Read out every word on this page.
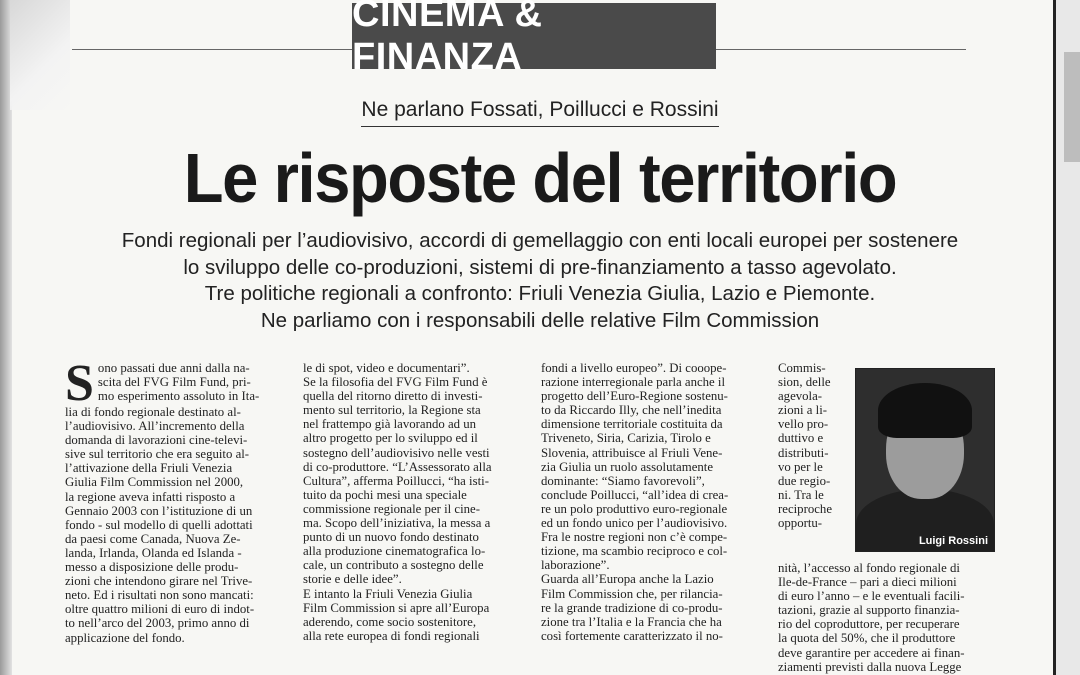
CINEMA & FINANZA
Ne parlano Fossati, Poillucci e Rossini
Le risposte del territorio
Fondi regionali per l’audiovisivo, accordi di gemellaggio con enti locali europei per sostenere
lo sviluppo delle co-produzioni, sistemi di pre-finanziamento a tasso agevolato.
Tre politiche regionali a confronto: Friuli Venezia Giulia, Lazio e Piemonte.
Ne parliamo con i responsabili delle relative Film Commission
S ono passati due anni dalla na-
scita del FVG Film Fund, pri-
mo esperimento assoluto in Ita-
lia di fondo regionale destinato al-
l’audiovisivo. All’incremento della
domanda di lavorazioni cine-televi-
sive sul territorio che era seguito al-
l’attivazione della Friuli Venezia
Giulia Film Commission nel 2000,
la regione aveva infatti risposto a
Gennaio 2003 con l’istituzione di un
fondo - sul modello di quelli adottati
da paesi come Canada, Nuova Ze-
landa, Irlanda, Olanda ed Islanda -
messo a disposizione delle produ-
zioni che intendono girare nel Trive-
neto. Ed i risultati non sono mancati:
oltre quattro milioni di euro di indot-
to nell’arco del 2003, primo anno di
applicazione del fondo.
le di spot, video e documentari”.
Se la filosofia del FVG Film Fund è
quella del ritorno diretto di investi-
mento sul territorio, la Regione sta
nel frattempo già lavorando ad un
altro progetto per lo sviluppo ed il
sostegno dell’audiovisivo nelle vesti
di co-produttore. “L’Assessorato alla
Cultura”, afferma Poillucci, “ha isti-
tuito da pochi mesi una speciale
commissione regionale per il cine-
ma. Scopo dell’iniziativa, la messa a
punto di un nuovo fondo destinato
alla produzione cinematografica lo-
cale, un contributo a sostegno delle
storie e delle idee”.
E intanto la Friuli Venezia Giulia
Film Commission si apre all’Europa
aderendo, come socio sostenitore,
alla rete europea di fondi regionali
fondi a livello europeo”. Di cooope-
razione interregionale parla anche il
progetto dell’Euro-Regione sostenu-
to da Riccardo Illy, che nell’inedita
dimensione territoriale costituita da
Triveneto, Siria, Carizia, Tirolo e
Slovenia, attribuisce al Friuli Vene-
zia Giulia un ruolo assolutamente
dominante: “Siamo favorevoli”,
conclude Poillucci, “all’idea di crea-
re un polo produttivo euro-regionale
ed un fondo unico per l’audiovisivo.
Fra le nostre regioni non c’è compe-
tizione, ma scambio reciproco e col-
laborazione”.
Guarda all’Europa anche la Lazio
Film Commission che, per rilancia-
re la grande tradizione di co-produ-
zione tra l’Italia e la Francia che ha
così fortemente caratterizzato il no-
Commis-
sion, delle
agevola-
zioni a li-
vello pro-
duttivo e
distributi-
vo per le
due regio-
ni. Tra le
reciproche
opportu-
nità, l’accesso al fondo regionale di
Ile-de-France – pari a dieci milioni
di euro l’anno – e le eventuali facili-
tazioni, grazie al supporto finanzia-
rio del coproduttore, per recuperare
la quota del 50%, che il produttore
deve garantire per accedere ai finan-
ziamenti previsti dalla nuova Legge
Luigi Rossini
